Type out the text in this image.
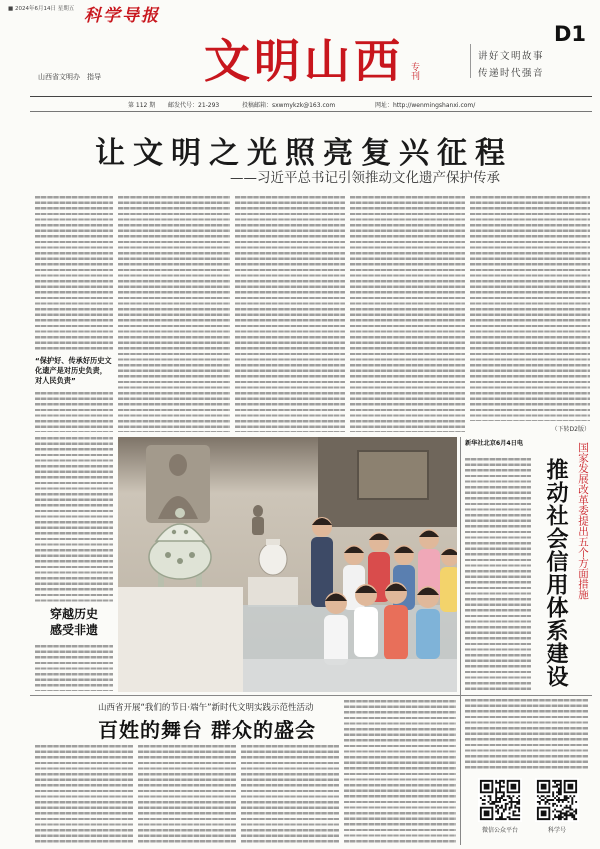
■ 2024年6月14日 星期五 科学导报
山西省文明办　指导 文明山西 专刊
讲好文明故事
传递时代强音
D1
第 112 期 邮发代号：21-293	投稿邮箱：sxwmykzk@163.com	网址：http://wenmingshanxi.com/
让文明之光照亮复兴征程
——习近平总书记引领推动文化遗产保护传承
“保护好、传承好历史文化遗产是对历史负责，对人民负责”
（下转D2版）
穿越历史
感受非遗
新华社北京6月4日电	国家发展改革委提出五个方面措施
推动社会信用体系建设
山西省开展“我们的节日·端午”新时代文明实践示范性活动
百姓的舞台 群众的盛会
微信公众平台	科学号
